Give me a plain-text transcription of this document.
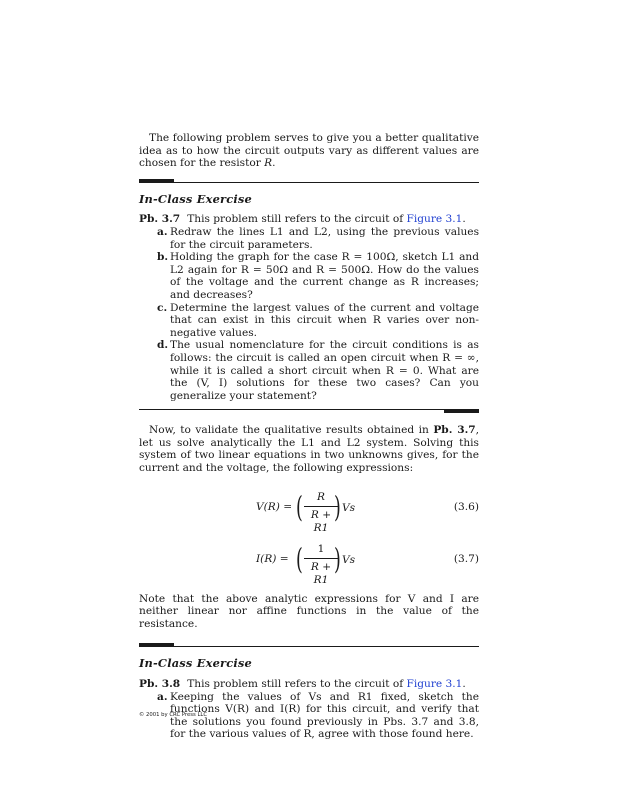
The following problem serves to give you a better qualitative idea as to how the circuit outputs vary as different values are chosen for the resistor R.

In-Class Exercise

Pb. 3.7 This problem still refers to the circuit of Figure 3.1.

a. Redraw the lines L1 and L2, using the previous values for the circuit parameters.
b. Holding the graph for the case R = 100Ω, sketch L1 and L2 again for R = 50Ω and R = 500Ω. How do the values of the voltage and the current change as R increases; and decreases?
c. Determine the largest values of the current and voltage that can exist in this circuit when R varies over non-negative values.
d. The usual nomenclature for the circuit conditions is as follows: the circuit is called an open circuit when R = ∞, while it is called a short circuit when R = 0. What are the (V, I) solutions for these two cases? Can you generalize your statement?

Now, to validate the qualitative results obtained in Pb. 3.7, let us solve analytically the L1 and L2 system. Solving this system of two linear equations in two unknowns gives, for the current and the voltage, the following expressions:

V(R) = (	R
R + R1
) Vs	(3.6)
I(R) = (	1
R + R1
) Vs	(3.7)

Note that the above analytic expressions for V and I are neither linear nor affine functions in the value of the resistance.

In-Class Exercise

Pb. 3.8 This problem still refers to the circuit of Figure 3.1.

a. Keeping the values of Vs and R1 fixed, sketch the functions V(R) and I(R) for this circuit, and verify that the solutions you found previously in Pbs. 3.7 and 3.8, for the various values of R, agree with those found here.
© 2001 by CRC Press LLC
